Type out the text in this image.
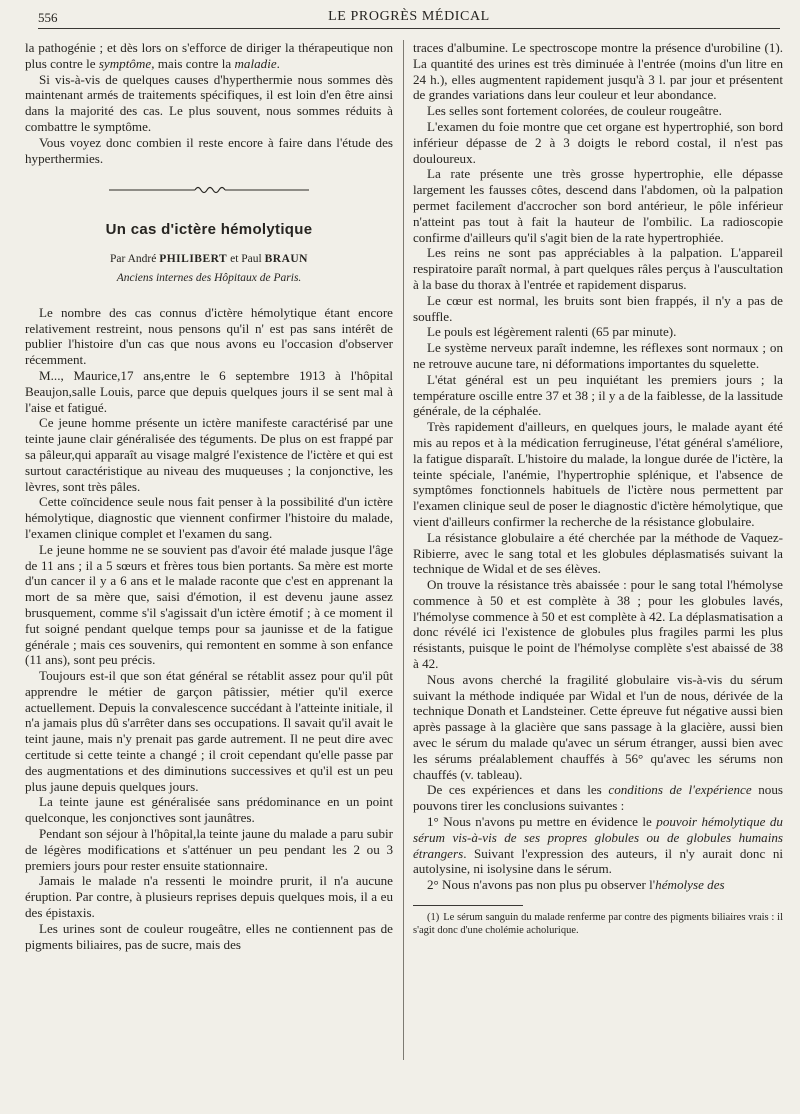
556	LE PROGRÈS MÉDICAL

la pathogénie ; et dès lors on s'efforce de diriger la thérapeutique non plus contre le symptôme, mais contre la maladie.

Si vis-à-vis de quelques causes d'hyperthermie nous sommes dès maintenant armés de traitements spécifiques, il est loin d'en être ainsi dans la majorité des cas. Le plus souvent, nous sommes réduits à combattre le symptôme.

Vous voyez donc combien il reste encore à faire dans l'étude des hyperthermies.

Un cas d'ictère hémolytique
Par André PHILIBERT et Paul BRAUN
Anciens internes des Hôpitaux de Paris.

Le nombre des cas connus d'ictère hémolytique étant encore relativement restreint, nous pensons qu'il n' est pas sans intérêt de publier l'histoire d'un cas que nous avons eu l'occasion d'observer récemment.

M..., Maurice,17 ans,entre le 6 septembre 1913 à l'hôpital Beaujon,salle Louis, parce que depuis quelques jours il se sent mal à l'aise et fatigué.

Ce jeune homme présente un ictère manifeste caractérisé par une teinte jaune clair généralisée des téguments. De plus on est frappé par sa pâleur,qui apparaît au visage malgré l'existence de l'ictère et qui est surtout caractéristique au niveau des muqueuses ; la conjonctive, les lèvres, sont très pâles.

Cette coïncidence seule nous fait penser à la possibilité d'un ictère hémolytique, diagnostic que viennent confirmer l'histoire du malade, l'examen clinique complet et l'examen du sang.

Le jeune homme ne se souvient pas d'avoir été malade jusque l'âge de 11 ans ; il a 5 sœurs et frères tous bien portants. Sa mère est morte d'un cancer il y a 6 ans et le malade raconte que c'est en apprenant la mort de sa mère que, saisi d'émotion, il est devenu jaune assez brusquement, comme s'il s'agissait d'un ictère émotif ; à ce moment il fut soigné pendant quelque temps pour sa jaunisse et de la fatigue générale ; mais ces souvenirs, qui remontent en somme à son enfance (11 ans), sont peu précis.

Toujours est-il que son état général se rétablit assez pour qu'il pût apprendre le métier de garçon pâtissier, métier qu'il exerce actuellement. Depuis la convalescence succédant à l'atteinte initiale, il n'a jamais plus dû s'arrêter dans ses occupations. Il savait qu'il avait le teint jaune, mais n'y prenait pas garde autrement. Il ne peut dire avec certitude si cette teinte a changé ; il croit cependant qu'elle passe par des augmentations et des diminutions successives et qu'il est un peu plus jaune depuis quelques jours.

La teinte jaune est généralisée sans prédominance en un point quelconque, les conjonctives sont jaunâtres.

Pendant son séjour à l'hôpital,la teinte jaune du malade a paru subir de légères modifications et s'atténuer un peu pendant les 2 ou 3 premiers jours pour rester ensuite stationnaire.

Jamais le malade n'a ressenti le moindre prurit, il n'a aucune éruption. Par contre, à plusieurs reprises depuis quelques mois, il a eu des épistaxis.

Les urines sont de couleur rougeâtre, elles ne contiennent pas de pigments biliaires, pas de sucre, mais des

traces d'albumine. Le spectroscope montre la présence d'urobiline (1). La quantité des urines est très diminuée à l'entrée (moins d'un litre en 24 h.), elles augmentent rapidement jusqu'à 3 l. par jour et présentent de grandes variations dans leur couleur et leur abondance.

Les selles sont fortement colorées, de couleur rougeâtre.

L'examen du foie montre que cet organe est hypertrophié, son bord inférieur dépasse de 2 à 3 doigts le rebord costal, il n'est pas douloureux.

La rate présente une très grosse hypertrophie, elle dépasse largement les fausses côtes, descend dans l'abdomen, où la palpation permet facilement d'accrocher son bord antérieur, le pôle inférieur n'atteint pas tout à fait la hauteur de l'ombilic. La radioscopie confirme d'ailleurs qu'il s'agit bien de la rate hypertrophiée.

Les reins ne sont pas appréciables à la palpation. L'appareil respiratoire paraît normal, à part quelques râles perçus à l'auscultation à la base du thorax à l'entrée et rapidement disparus.

Le cœur est normal, les bruits sont bien frappés, il n'y a pas de souffle.

Le pouls est légèrement ralenti (65 par minute).

Le système nerveux paraît indemne, les réflexes sont normaux ; on ne retrouve aucune tare, ni déformations importantes du squelette.

L'état général est un peu inquiétant les premiers jours ; la température oscille entre 37 et 38 ; il y a de la faiblesse, de la lassitude générale, de la céphalée.

Très rapidement d'ailleurs, en quelques jours, le malade ayant été mis au repos et à la médication ferrugineuse, l'état général s'améliore, la fatigue disparaît. L'histoire du malade, la longue durée de l'ictère, la teinte spéciale, l'anémie, l'hypertrophie splénique, et l'absence de symptômes fonctionnels habituels de l'ictère nous permettent par l'examen clinique seul de poser le diagnostic d'ictère hémolytique, que vient d'ailleurs confirmer la recherche de la résistance globulaire.

La résistance globulaire a été cherchée par la méthode de Vaquez-Ribierre, avec le sang total et les globules déplasmatisés suivant la technique de Widal et de ses élèves.

On trouve la résistance très abaissée : pour le sang total l'hémolyse commence à 50 et est complète à 38 ; pour les globules lavés, l'hémolyse commence à 50 et est complète à 42. La déplasmatisation a donc révélé ici l'existence de globules plus fragiles parmi les plus résistants, puisque le point de l'hémolyse complète s'est abaissé de 38 à 42.

Nous avons cherché la fragilité globulaire vis-à-vis du sérum suivant la méthode indiquée par Widal et l'un de nous, dérivée de la technique Donath et Landsteiner. Cette épreuve fut négative aussi bien après passage à la glacière que sans passage à la glacière, aussi bien avec le sérum du malade qu'avec un sérum étranger, aussi bien avec les sérums préalablement chauffés à 56° qu'avec les sérums non chauffés (v. tableau).

De ces expériences et dans les conditions de l'expérience nous pouvons tirer les conclusions suivantes :

1° Nous n'avons pu mettre en évidence le pouvoir hémolytique du sérum vis-à-vis de ses propres globules ou de globules humains étrangers. Suivant l'expression des auteurs, il n'y aurait donc ni autolysine, ni isolysine dans le sérum.

2° Nous n'avons pas non plus pu observer l'hémolyse des

(1) Le sérum sanguin du malade renferme par contre des pigments biliaires vrais : il s'agit donc d'une cholémie acholurique.
